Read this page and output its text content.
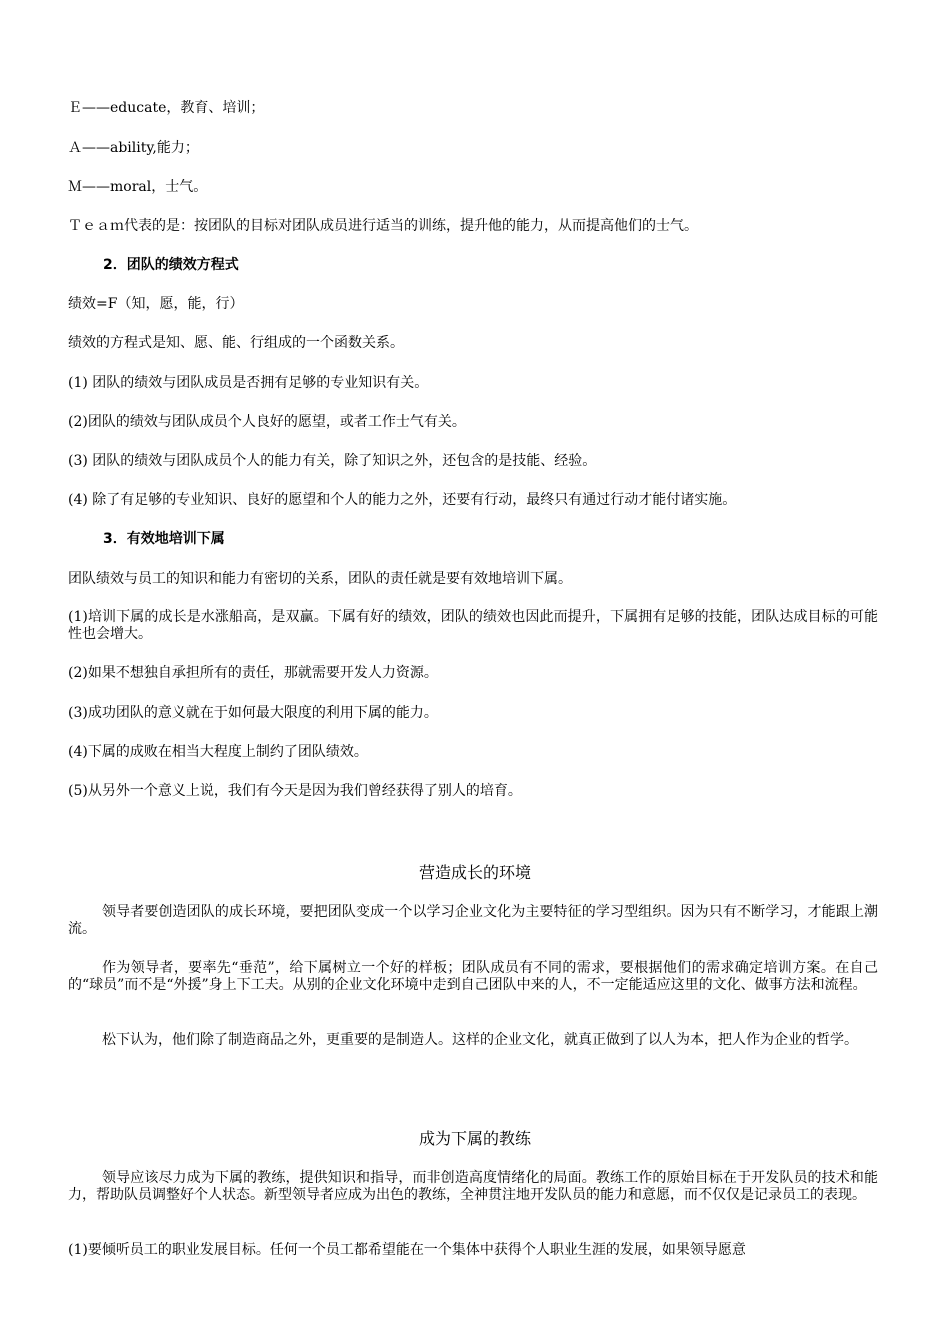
Ｅ——educate，教育、培训；
Ａ——ability,能力；
Ｍ——moral，士气。
Ｔｅａｍ代表的是：按团队的目标对团队成员进行适当的训练，提升他的能力，从而提高他们的士气。
2．团队的绩效方程式
绩效=F（知，愿，能，行）
绩效的方程式是知、愿、能、行组成的一个函数关系。
(1) 团队的绩效与团队成员是否拥有足够的专业知识有关。
(2)团队的绩效与团队成员个人良好的愿望，或者工作士气有关。
(3) 团队的绩效与团队成员个人的能力有关，除了知识之外，还包含的是技能、经验。
(4) 除了有足够的专业知识、良好的愿望和个人的能力之外，还要有行动，最终只有通过行动才能付诸实施。
3．有效地培训下属
团队绩效与员工的知识和能力有密切的关系，团队的责任就是要有效地培训下属。
(1)培训下属的成长是水涨船高，是双赢。下属有好的绩效，团队的绩效也因此而提升，下属拥有足够的技能，团队达成目标的可能性也会增大。
(2)如果不想独自承担所有的责任，那就需要开发人力资源。
(3)成功团队的意义就在于如何最大限度的利用下属的能力。
(4)下属的成败在相当大程度上制约了团队绩效。
(5)从另外一个意义上说，我们有今天是因为我们曾经获得了别人的培育。
营造成长的环境
领导者要创造团队的成长环境，要把团队变成一个以学习企业文化为主要特征的学习型组织。因为只有不断学习，才能跟上潮流。
作为领导者，要率先“垂范”，给下属树立一个好的样板；团队成员有不同的需求，要根据他们的需求确定培训方案。在自己的“球员”而不是“外援”身上下工夫。从别的企业文化环境中走到自己团队中来的人，不一定能适应这里的文化、做事方法和流程。
松下认为，他们除了制造商品之外，更重要的是制造人。这样的企业文化，就真正做到了以人为本，把人作为企业的哲学。
成为下属的教练
领导应该尽力成为下属的教练，提供知识和指导，而非创造高度情绪化的局面。教练工作的原始目标在于开发队员的技术和能力，帮助队员调整好个人状态。新型领导者应成为出色的教练，全神贯注地开发队员的能力和意愿，而不仅仅是记录员工的表现。
(1)要倾听员工的职业发展目标。任何一个员工都希望能在一个集体中获得个人职业生涯的发展，如果领导愿意
